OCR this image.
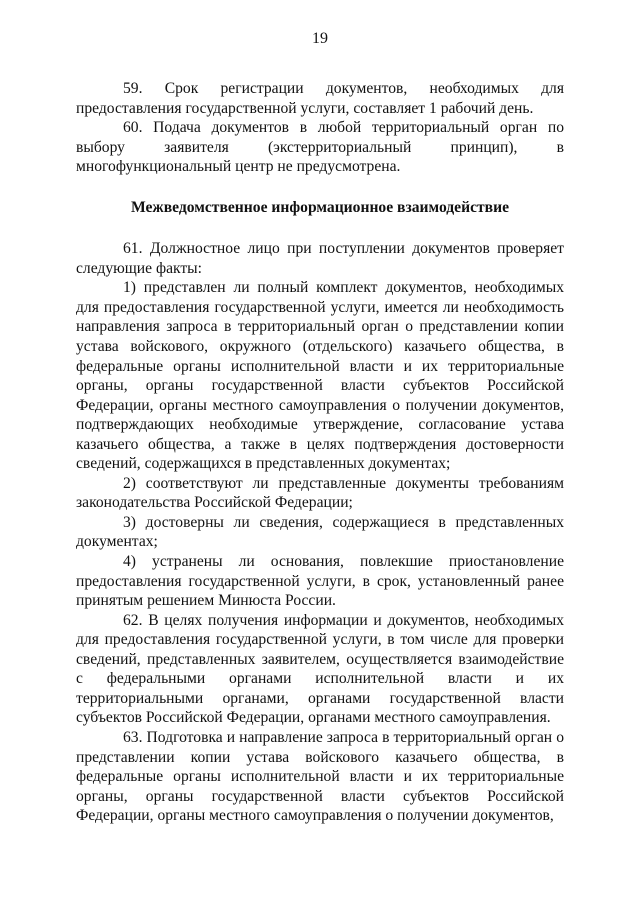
19

59. Срок регистрации документов, необходимых для предоставления государственной услуги, составляет 1 рабочий день.

60. Подача документов в любой территориальный орган по выбору заявителя (экстерриториальный принцип), в многофункциональный центр не предусмотрена.

Межведомственное информационное взаимодействие

61. Должностное лицо при поступлении документов проверяет следующие факты:

1) представлен ли полный комплект документов, необходимых для предоставления государственной услуги, имеется ли необходимость направления запроса в территориальный орган о представлении копии устава войскового, окружного (отдельского) казачьего общества, в федеральные органы исполнительной власти и их территориальные органы, органы государственной власти субъектов Российской Федерации, органы местного самоуправления о получении документов, подтверждающих необходимые утверждение, согласование устава казачьего общества, а также в целях подтверждения достоверности сведений, содержащихся в представленных документах;

2) соответствуют ли представленные документы требованиям законодательства Российской Федерации;

3) достоверны ли сведения, содержащиеся в представленных документах;

4) устранены ли основания, повлекшие приостановление предоставления государственной услуги, в срок, установленный ранее принятым решением Минюста России.

62. В целях получения информации и документов, необходимых для предоставления государственной услуги, в том числе для проверки сведений, представленных заявителем, осуществляется взаимодействие с федеральными органами исполнительной власти и их территориальными органами, органами государственной власти субъектов Российской Федерации, органами местного самоуправления.

63. Подготовка и направление запроса в территориальный орган о представлении копии устава войскового казачьего общества, в федеральные органы исполнительной власти и их территориальные органы, органы государственной власти субъектов Российской Федерации, органы местного самоуправления о получении документов,
